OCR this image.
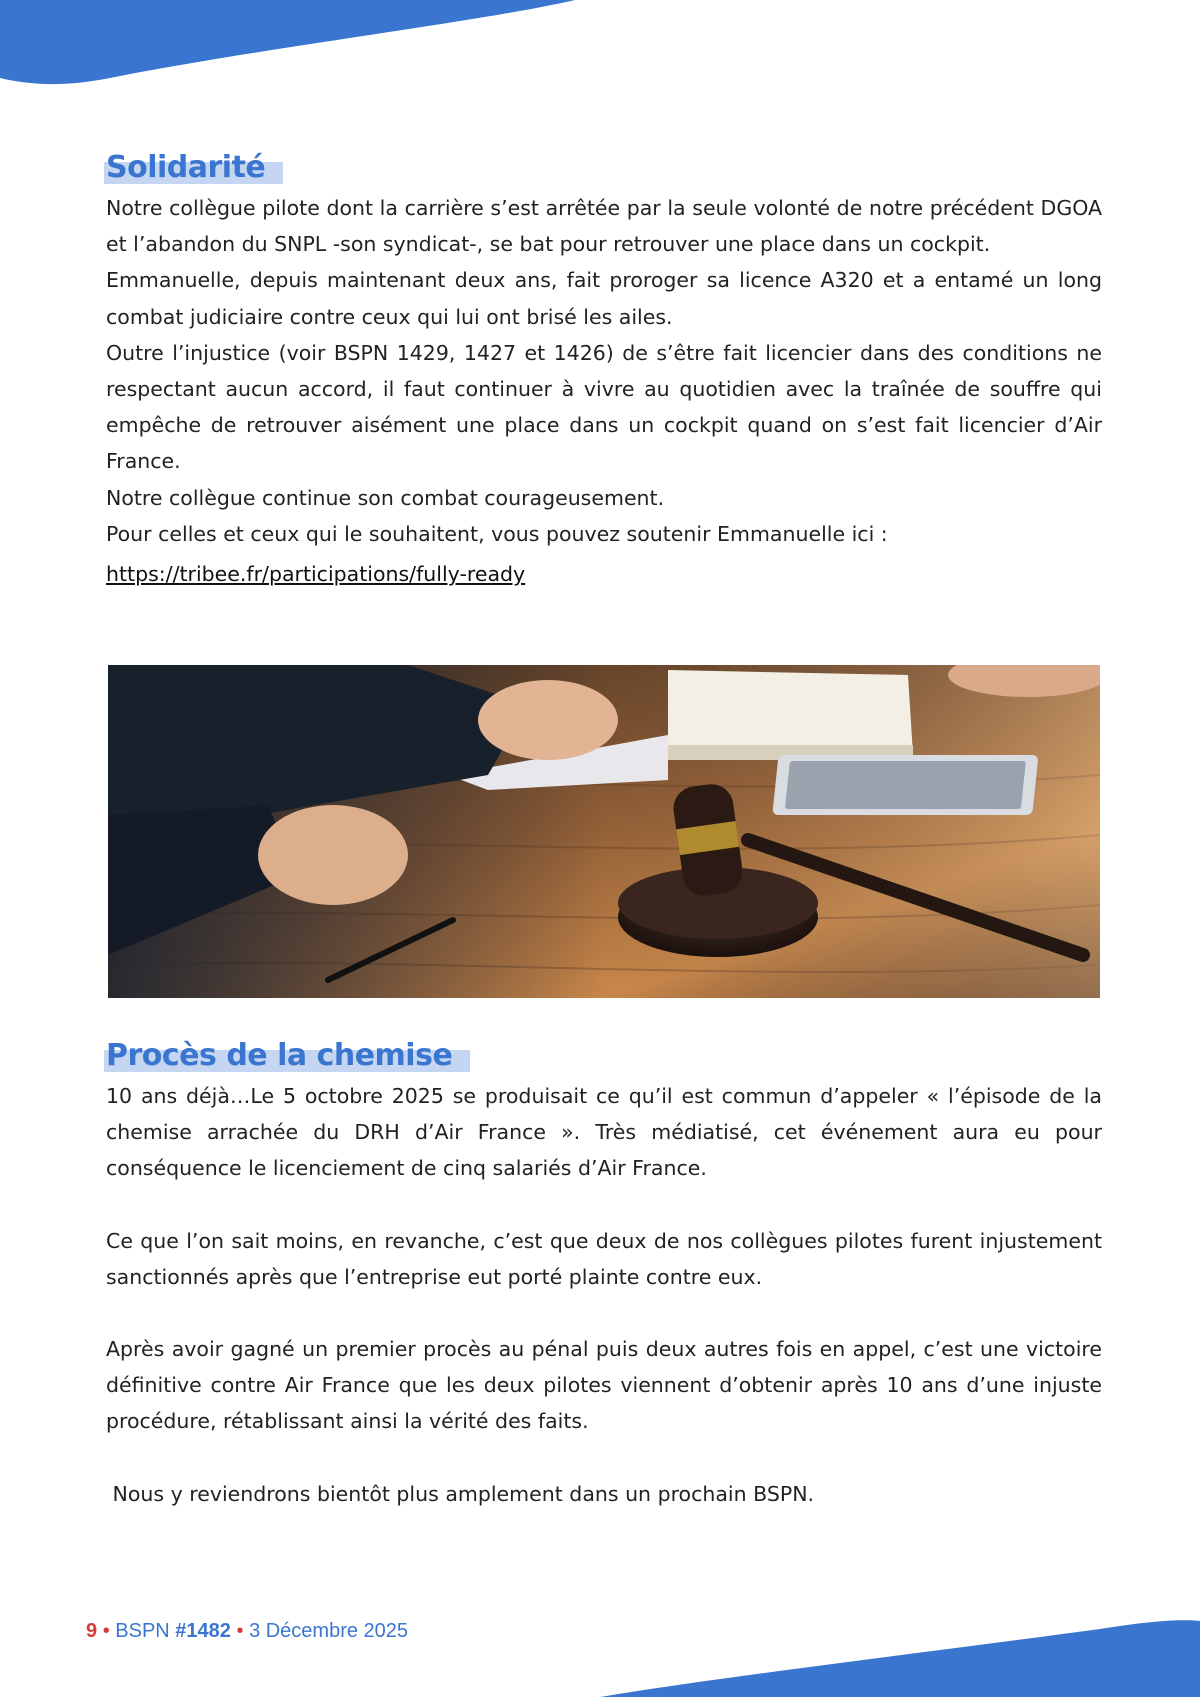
Solidarité

Notre collègue pilote dont la carrière s’est arrêtée par la seule volonté de notre précédent DGOA et l’abandon du SNPL -son syndicat-, se bat pour retrouver une place dans un cockpit.

Emmanuelle, depuis maintenant deux ans, fait proroger sa licence A320 et a entamé un long combat judiciaire contre ceux qui lui ont brisé les ailes.

Outre l’injustice (voir BSPN 1429, 1427 et 1426) de s’être fait licencier dans des conditions ne respectant aucun accord, il faut continuer à vivre au quotidien avec la traînée de souffre qui empêche de retrouver aisément une place dans un cockpit quand on s’est fait licencier d’Air France.

Notre collègue continue son combat courageusement.

Pour celles et ceux qui le souhaitent, vous pouvez soutenir Emmanuelle ici :

https://tribee.fr/participations/fully-ready

Procès de la chemise

10 ans déjà…Le 5 octobre 2025 se produisait ce qu’il est commun d’appeler « l’épisode de la chemise arrachée du DRH d’Air France ». Très médiatisé, cet événement aura eu pour conséquence le licenciement de cinq salariés d’Air France.

Ce que l’on sait moins, en revanche, c’est que deux de nos collègues pilotes furent injustement sanctionnés après que l’entreprise eut porté plainte contre eux.

Après avoir gagné un premier procès au pénal puis deux autres fois en appel, c’est une victoire définitive contre Air France que les deux pilotes viennent d’obtenir après 10 ans d’une injuste procédure, rétablissant ainsi la vérité des faits.

Nous y reviendrons bientôt plus amplement dans un prochain BSPN.

9 • BSPN #1482 • 3 Décembre 2025
